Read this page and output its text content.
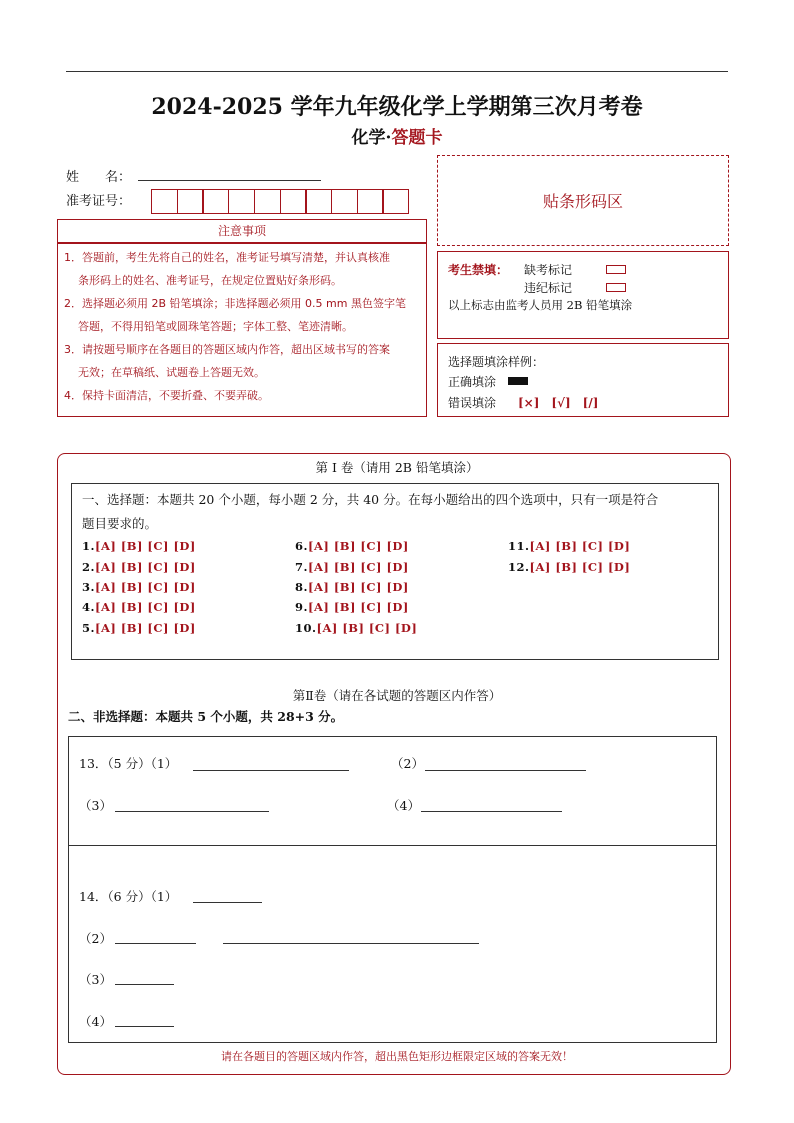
2024-2025 学年九年级化学上学期第三次月考卷
化学·答题卡
姓　　名：
准考证号：	贴条形码区
注意事项
1．答题前，考生先将自己的姓名，准考证号填写清楚，并认真核准
条形码上的姓名、准考证号，在规定位置贴好条形码。
2．选择题必须用 2B 铅笔填涂；非选择题必须用 0.5 mm 黑色签字笔
答题，不得用铅笔或圆珠笔答题；字体工整、笔迹清晰。
3．请按题号顺序在各题目的答题区域内作答，超出区域书写的答案
无效；在草稿纸、试题卷上答题无效。
4．保持卡面清洁，不要折叠、不要弄破。
考生禁填： 缺考标记
违纪标记
以上标志由监考人员用 2B 铅笔填涂
选择题填涂样例：
正确填涂
错误填涂 [×]　[√]　[/]
第 I 卷（请用 2B 铅笔填涂）
一、选择题：本题共 20 个小题，每小题 2 分，共 40 分。在每小题给出的四个选项中，只有一项是符合
题目要求的。
1.[A] [B] [C] [D]
2.[A] [B] [C] [D]
3.[A] [B] [C] [D]
4.[A] [B] [C] [D]
5.[A] [B] [C] [D]
6.[A] [B] [C] [D]
7.[A] [B] [C] [D]
8.[A] [B] [C] [D]
9.[A] [B] [C] [D]
10.[A] [B] [C] [D]
11.[A] [B] [C] [D]
12.[A] [B] [C] [D]
第Ⅱ卷（请在各试题的答题区内作答）
二、非选择题：本题共 5 个小题，共 28+3 分。
13．（5 分）（1）	（2）
（3）	（4）
14．（6 分）（1）
（2）
（3）
（4）
请在各题目的答题区域内作答，超出黑色矩形边框限定区域的答案无效！
